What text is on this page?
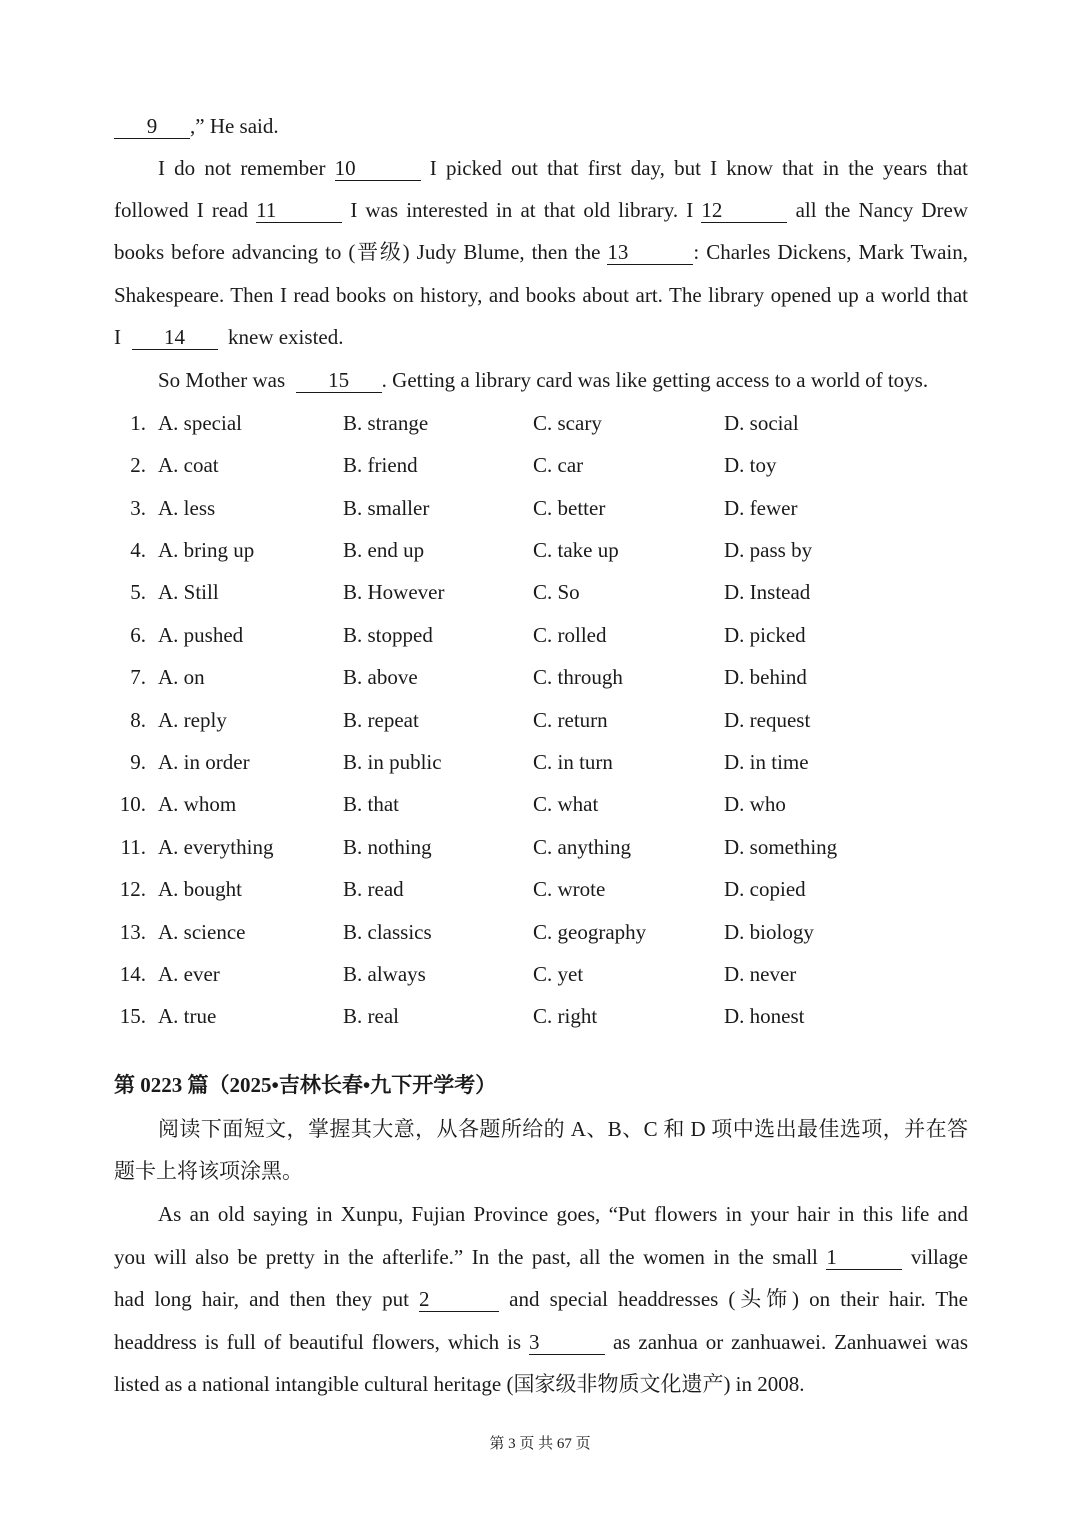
9 ,” He said.
I do not remember 10	I picked out that first day, but I know that in the years that
followed I read 11	I was interested in at that old library. I 12	all the Nancy Drew
books before advancing to (晋级) Judy Blume, then the 13	: Charles Dickens, Mark Twain,
Shakespeare. Then I read books on history, and books about art. The library opened up a world that
I 14 knew existed.
So Mother was 15 . Getting a library card was like getting access to a world of toys.
1. A. special	B. strange	C. scary	D. social
2. A. coat	B. friend	C. car	D. toy
3. A. less	B. smaller	C. better	D. fewer
4. A. bring up	B. end up	C. take up	D. pass by
5. A. Still	B. However	C. So	D. Instead
6. A. pushed	B. stopped	C. rolled	D. picked
7. A. on	B. above	C. through	D. behind
8. A. reply	B. repeat	C. return	D. request
9. A. in order	B. in public	C. in turn	D. in time
10. A. whom	B. that	C. what	D. who
11. A. everything	B. nothing	C. anything	D. something
12. A. bought	B. read	C. wrote	D. copied
13. A. science	B. classics	C. geography	D. biology
14. A. ever	B. always	C. yet	D. never
15. A. true	B. real	C. right	D. honest
第 0223 篇（2025•吉林长春•九下开学考）
阅读下面短文，掌握其大意，从各题所给的 A、B、C 和 D 项中选出最佳选项，并在答
题卡上将该项涂黑。
As an old saying in Xunpu, Fujian Province goes, “Put flowers in your hair in this life and
you will also be pretty in the afterlife.” In the past, all the women in the small 1	village
had long hair, and then they put 2	and special headdresses (头饰) on their hair. The
headdress is full of beautiful flowers, which is 3	as zanhua or zanhuawei. Zanhuawei was
listed as a national intangible cultural heritage (国家级非物质文化遗产) in 2008.
第 3 页 共 67 页
